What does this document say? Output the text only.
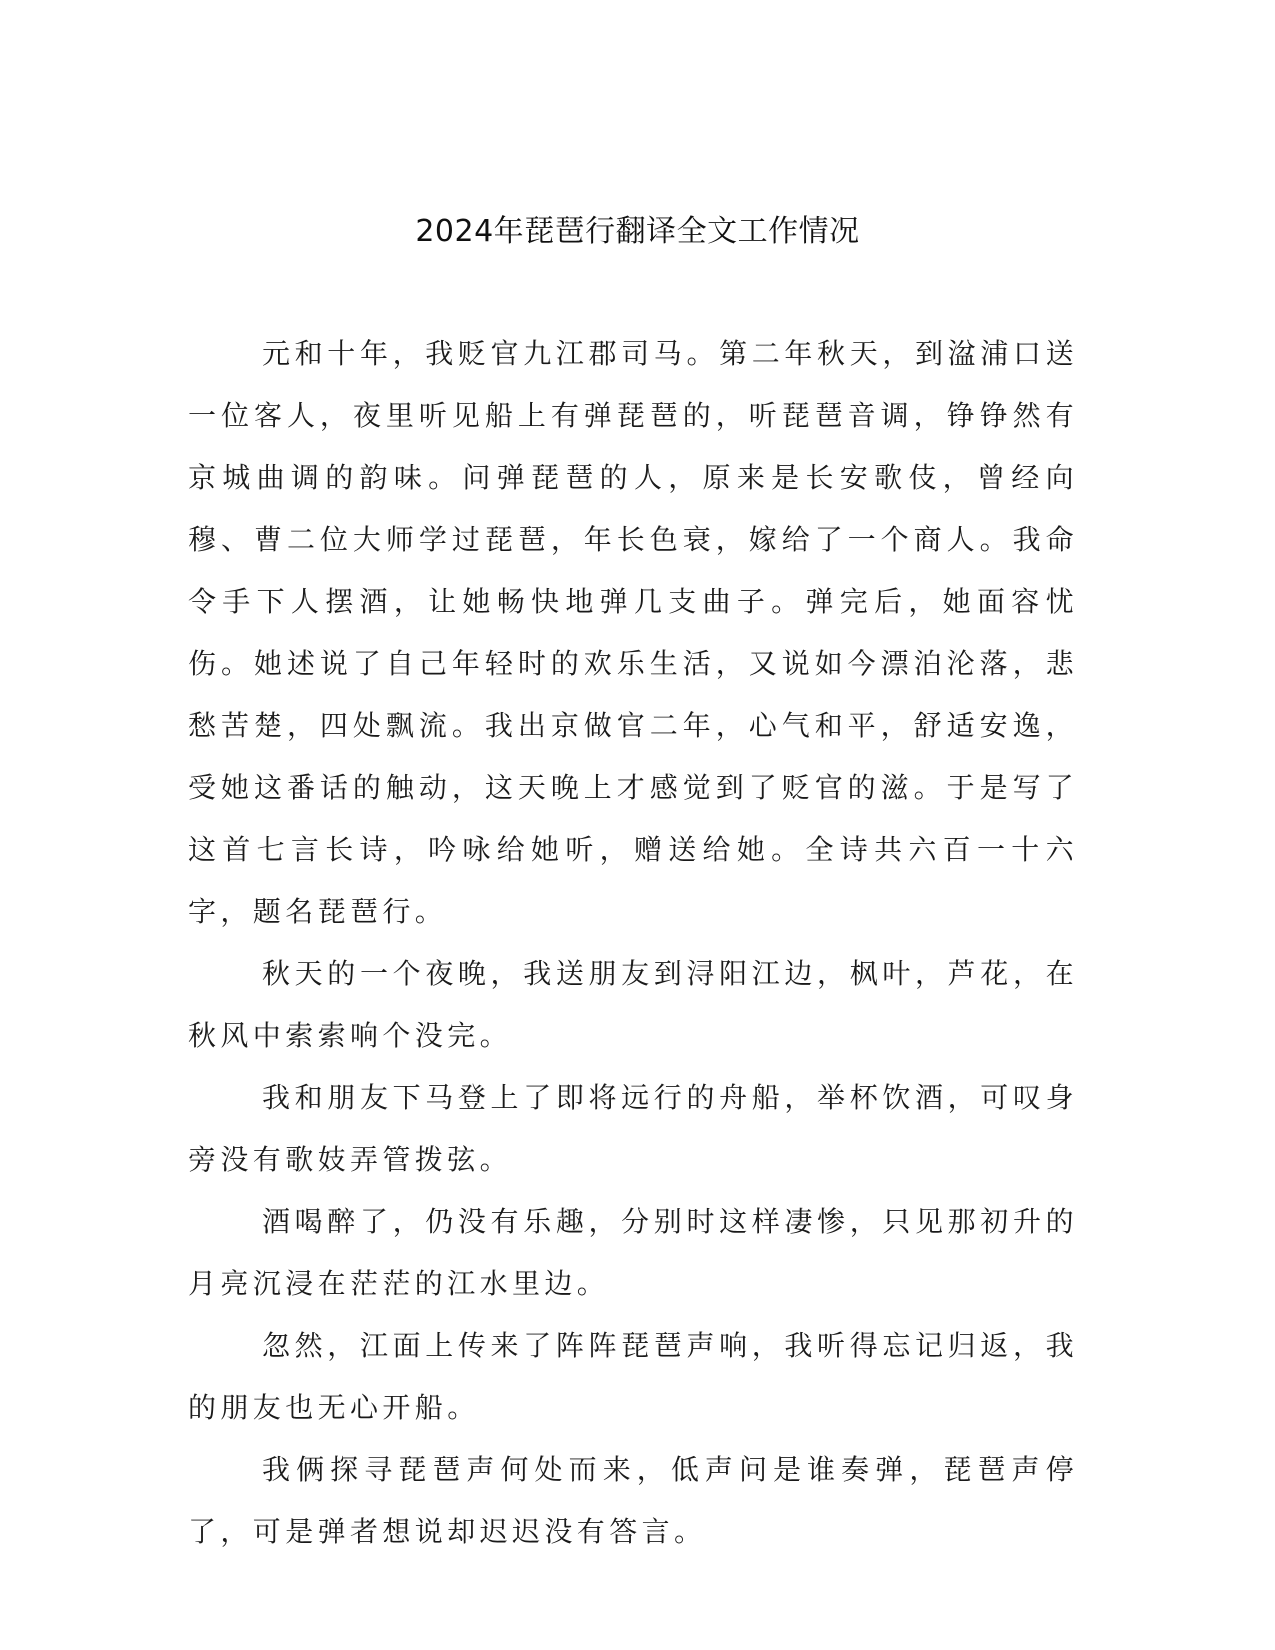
2024年琵琶行翻译全文工作情况

元和十年，我贬官九江郡司马。第二年秋天，到湓浦口送一位客人，夜里听见船上有弹琵琶的，听琵琶音调，铮铮然有京城曲调的韵味。问弹琵琶的人，原来是长安歌伎，曾经向穆、曹二位大师学过琵琶，年长色衰，嫁给了一个商人。我命令手下人摆酒，让她畅快地弹几支曲子。弹完后，她面容忧伤。她述说了自己年轻时的欢乐生活，又说如今漂泊沦落，悲愁苦楚，四处飘流。我出京做官二年，心气和平，舒适安逸，受她这番话的触动，这天晚上才感觉到了贬官的滋。于是写了这首七言长诗，吟咏给她听，赠送给她。全诗共六百一十六字，题名琵琶行。

秋天的一个夜晚，我送朋友到浔阳江边，枫叶，芦花，在秋风中索索响个没完。

我和朋友下马登上了即将远行的舟船，举杯饮酒，可叹身旁没有歌妓弄管拨弦。

酒喝醉了，仍没有乐趣，分别时这样凄惨，只见那初升的月亮沉浸在茫茫的江水里边。

忽然，江面上传来了阵阵琵琶声响，我听得忘记归返，我的朋友也无心开船。

我俩探寻琵琶声何处而来，低声问是谁奏弹，琵琶声停了，可是弹者想说却迟迟没有答言。
